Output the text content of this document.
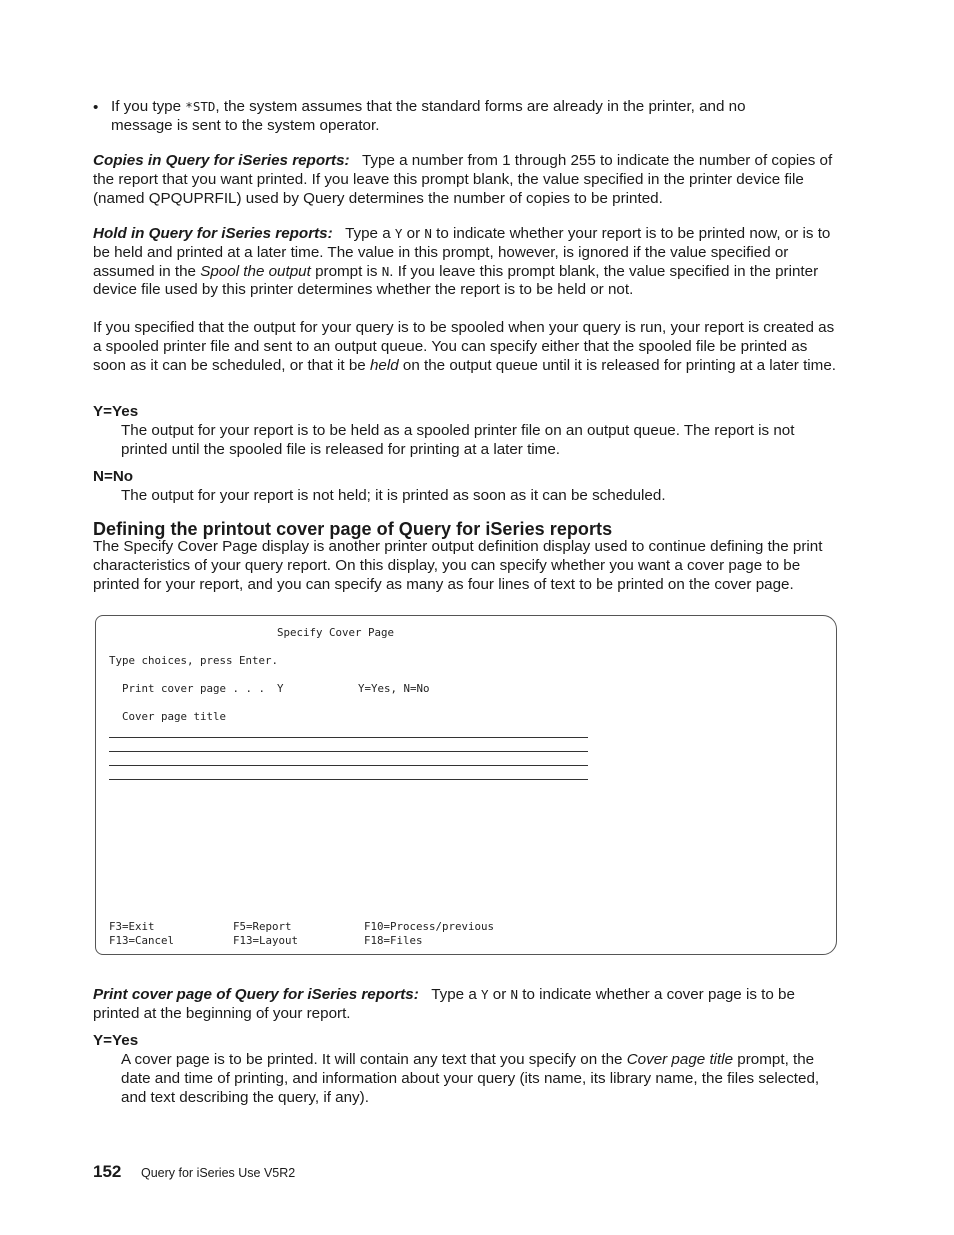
• If you type *STD, the system assumes that the standard forms are already in the printer, and no message is sent to the system operator.

Copies in Query for iSeries reports: Type a number from 1 through 255 to indicate the number of copies of the report that you want printed. If you leave this prompt blank, the value specified in the printer device file (named QPQUPRFIL) used by Query determines the number of copies to be printed.

Hold in Query for iSeries reports: Type a Y or N to indicate whether your report is to be printed now, or is to be held and printed at a later time. The value in this prompt, however, is ignored if the value specified or assumed in the Spool the output prompt is N. If you leave this prompt blank, the value specified in the printer device file used by this printer determines whether the report is to be held or not.

If you specified that the output for your query is to be spooled when your query is run, your report is created as a spooled printer file and sent to an output queue. You can specify either that the spooled file be printed as soon as it can be scheduled, or that it be held on the output queue until it is released for printing at a later time.

Y=Yes

The output for your report is to be held as a spooled printer file on an output queue. The report is not printed until the spooled file is released for printing at a later time.

N=No

The output for your report is not held; it is printed as soon as it can be scheduled.

Defining the printout cover page of Query for iSeries reports

The Specify Cover Page display is another printer output definition display used to continue defining the print characteristics of your query report. On this display, you can specify whether you want a cover page to be printed for your report, and you can specify as many as four lines of text to be printed on the cover page.

Specify Cover Page
Type choices, press Enter.
Print cover page . . . Y	Y=Yes, N=No
Cover page title
F3=Exit	F5=Report	F10=Process/previous
F13=Cancel	F13=Layout	F18=Files

Print cover page of Query for iSeries reports: Type a Y or N to indicate whether a cover page is to be printed at the beginning of your report.

Y=Yes

A cover page is to be printed. It will contain any text that you specify on the Cover page title prompt, the date and time of printing, and information about your query (its name, its library name, the files selected, and text describing the query, if any).

152 Query for iSeries Use V5R2
